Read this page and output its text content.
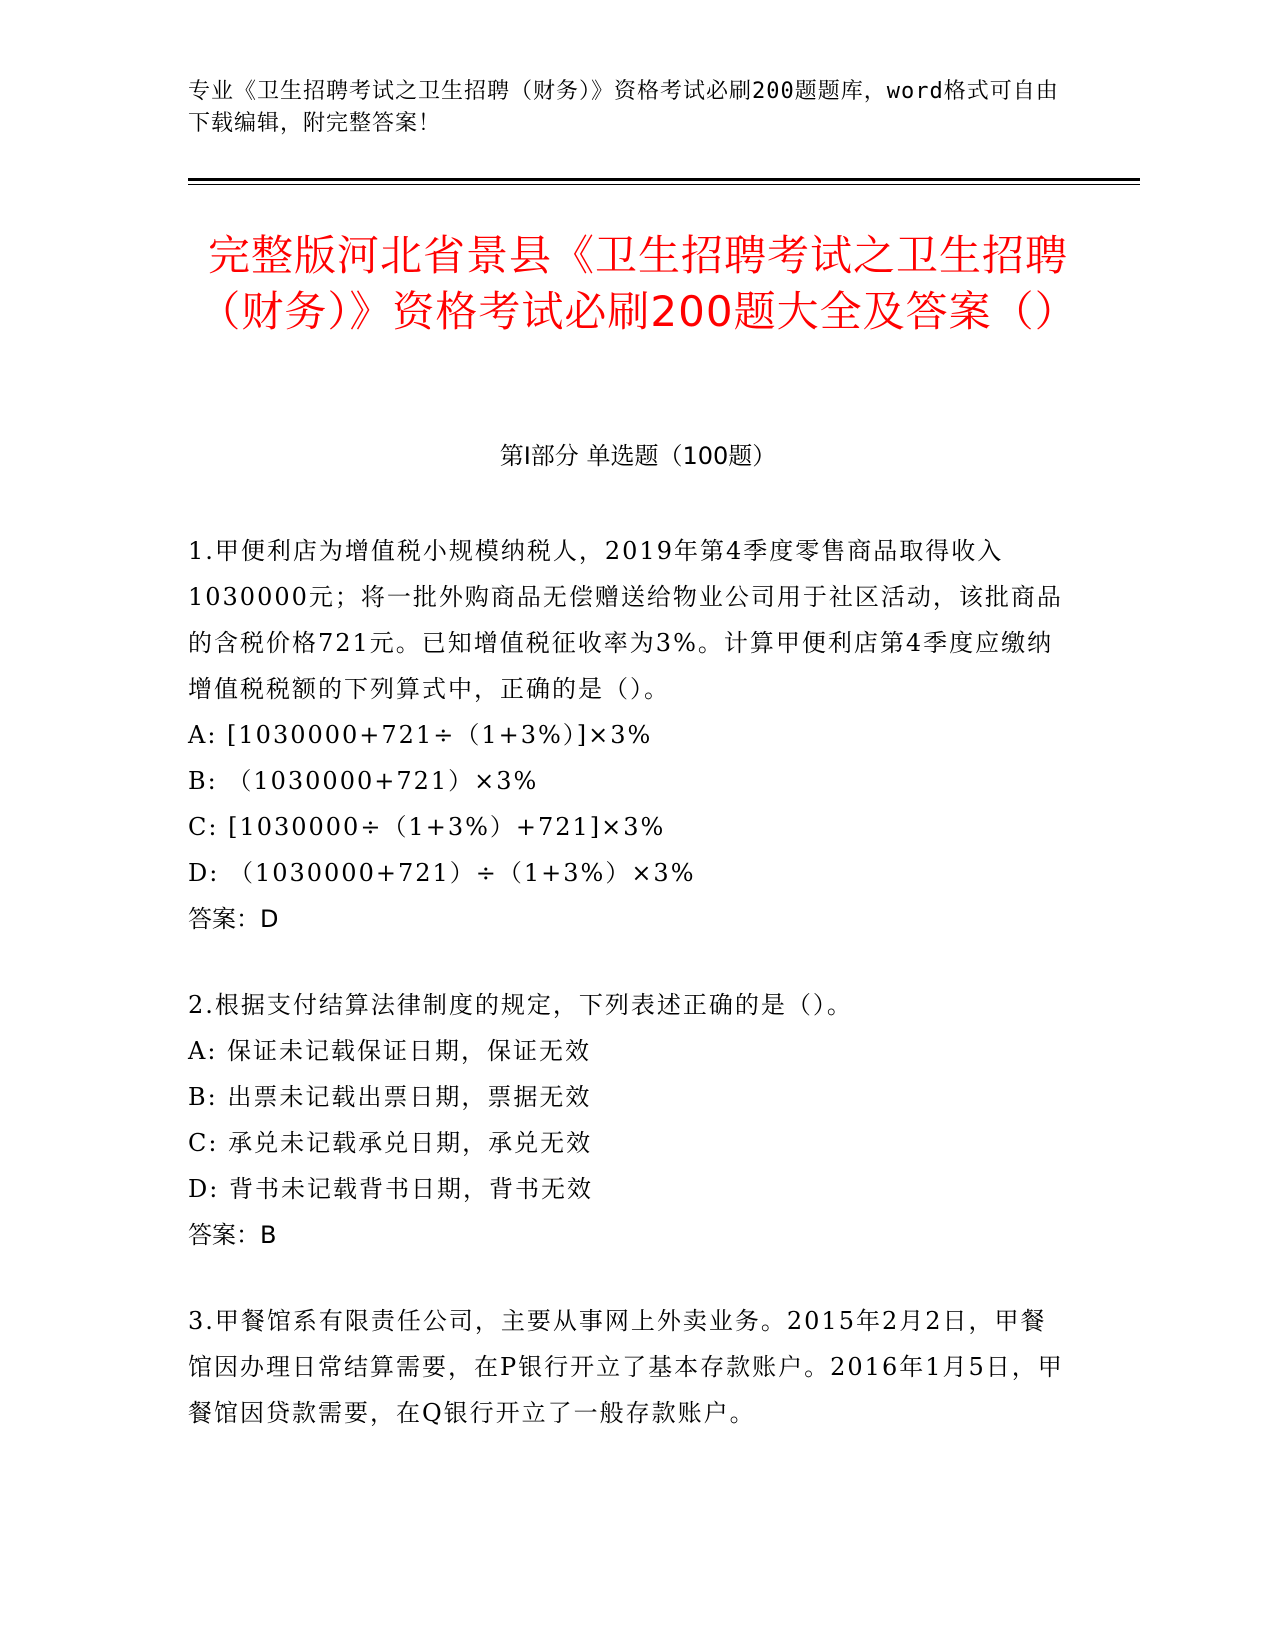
专业《卫生招聘考试之卫生招聘（财务）》资格考试必刷200题题库，word格式可自由下载编辑，附完整答案！
完整版河北省景县《卫生招聘考试之卫生招聘（财务）》资格考试必刷200题大全及答案（）
第Ⅰ部分 单选题（100题）
1.甲便利店为增值税小规模纳税人，2019年第4季度零售商品取得收入1030000元；将一批外购商品无偿赠送给物业公司用于社区活动，该批商品的含税价格721元。已知增值税征收率为3%。计算甲便利店第4季度应缴纳增值税税额的下列算式中，正确的是（）。
A: [1030000+721÷（1+3%）]×3%
B: （1030000+721）×3%
C: [1030000÷（1+3%）+721]×3%
D: （1030000+721）÷（1+3%）×3%
答案：D
2.根据支付结算法律制度的规定，下列表述正确的是（）。
A: 保证未记载保证日期，保证无效
B: 出票未记载出票日期，票据无效
C: 承兑未记载承兑日期，承兑无效
D: 背书未记载背书日期，背书无效
答案：B
3.甲餐馆系有限责任公司，主要从事网上外卖业务。2015年2月2日，甲餐馆因办理日常结算需要，在P银行开立了基本存款账户。2016年1月5日，甲餐馆因贷款需要，在Q银行开立了一般存款账户。
